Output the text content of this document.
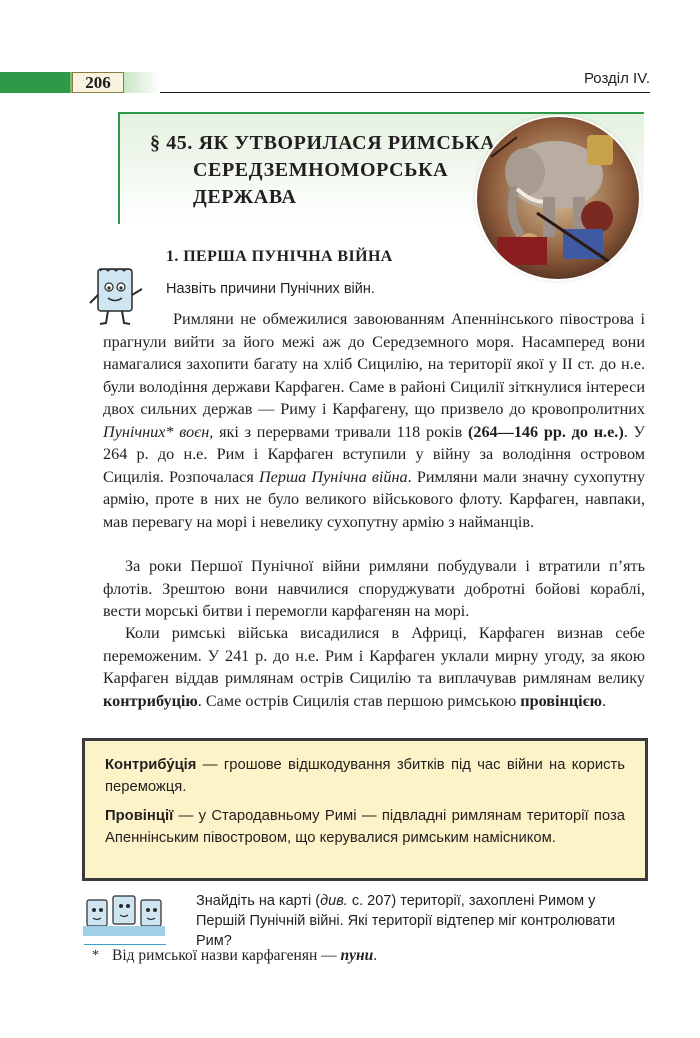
206	Розділ IV.
§ 45. ЯК УТВОРИЛАСЯ РИМСЬКА
СЕРЕДЗЕМНОМОРСЬКА
ДЕРЖАВА
1. ПЕРША ПУНІЧНА ВІЙНА
Назвіть причини Пунічних війн.
Римляни не обмежилися завоюванням Апеннінського півострова і прагнули вийти за його межі аж до Середземного моря. Насамперед вони намагалися захопити багату на хліб Сицилію, на території якої у ІІ ст. до н.е. були володіння держави Карфаген. Саме в районі Сицилії зіткнулися інтереси двох сильних держав — Риму і Карфагену, що призвело до кровопролитних Пунічних* воєн, які з перервами тривали 118 років (264—146 рр. до н.е.). У 264 р. до н.е. Рим і Карфаген вступили у війну за володіння островом Сицилія. Розпочалася Перша Пунічна війна. Римляни мали значну сухопутну армію, проте в них не було великого військового флоту. Карфаген, навпаки, мав перевагу на морі і невелику сухопутну армію з найманців.
За роки Першої Пунічної війни римляни побудували і втратили п’ять флотів. Зрештою вони навчилися споруджувати добротні бойові кораблі, вести морські битви і перемогли карфагенян на морі.
Коли римські війська висадилися в Африці, Карфаген визнав себе переможеним. У 241 р. до н.е. Рим і Карфаген уклали мирну угоду, за якою Карфаген віддав римлянам острів Сицилію та виплачував римлянам велику контрибуцію. Саме острів Сицилія став першою римською провінцією.
Контрибу́ція — грошове відшкодування збитків під час війни на користь переможця.
Провінції — у Стародавньому Римі — підвладні римлянам території поза Апеннінським півостровом, що керувалися римським намісником.
Знайдіть на карті (див. с. 207) території, захоплені Римом у Першій Пунічній війні. Які території відтепер міг контролювати Рим?
* Від римської назви карфагенян — пуни.
